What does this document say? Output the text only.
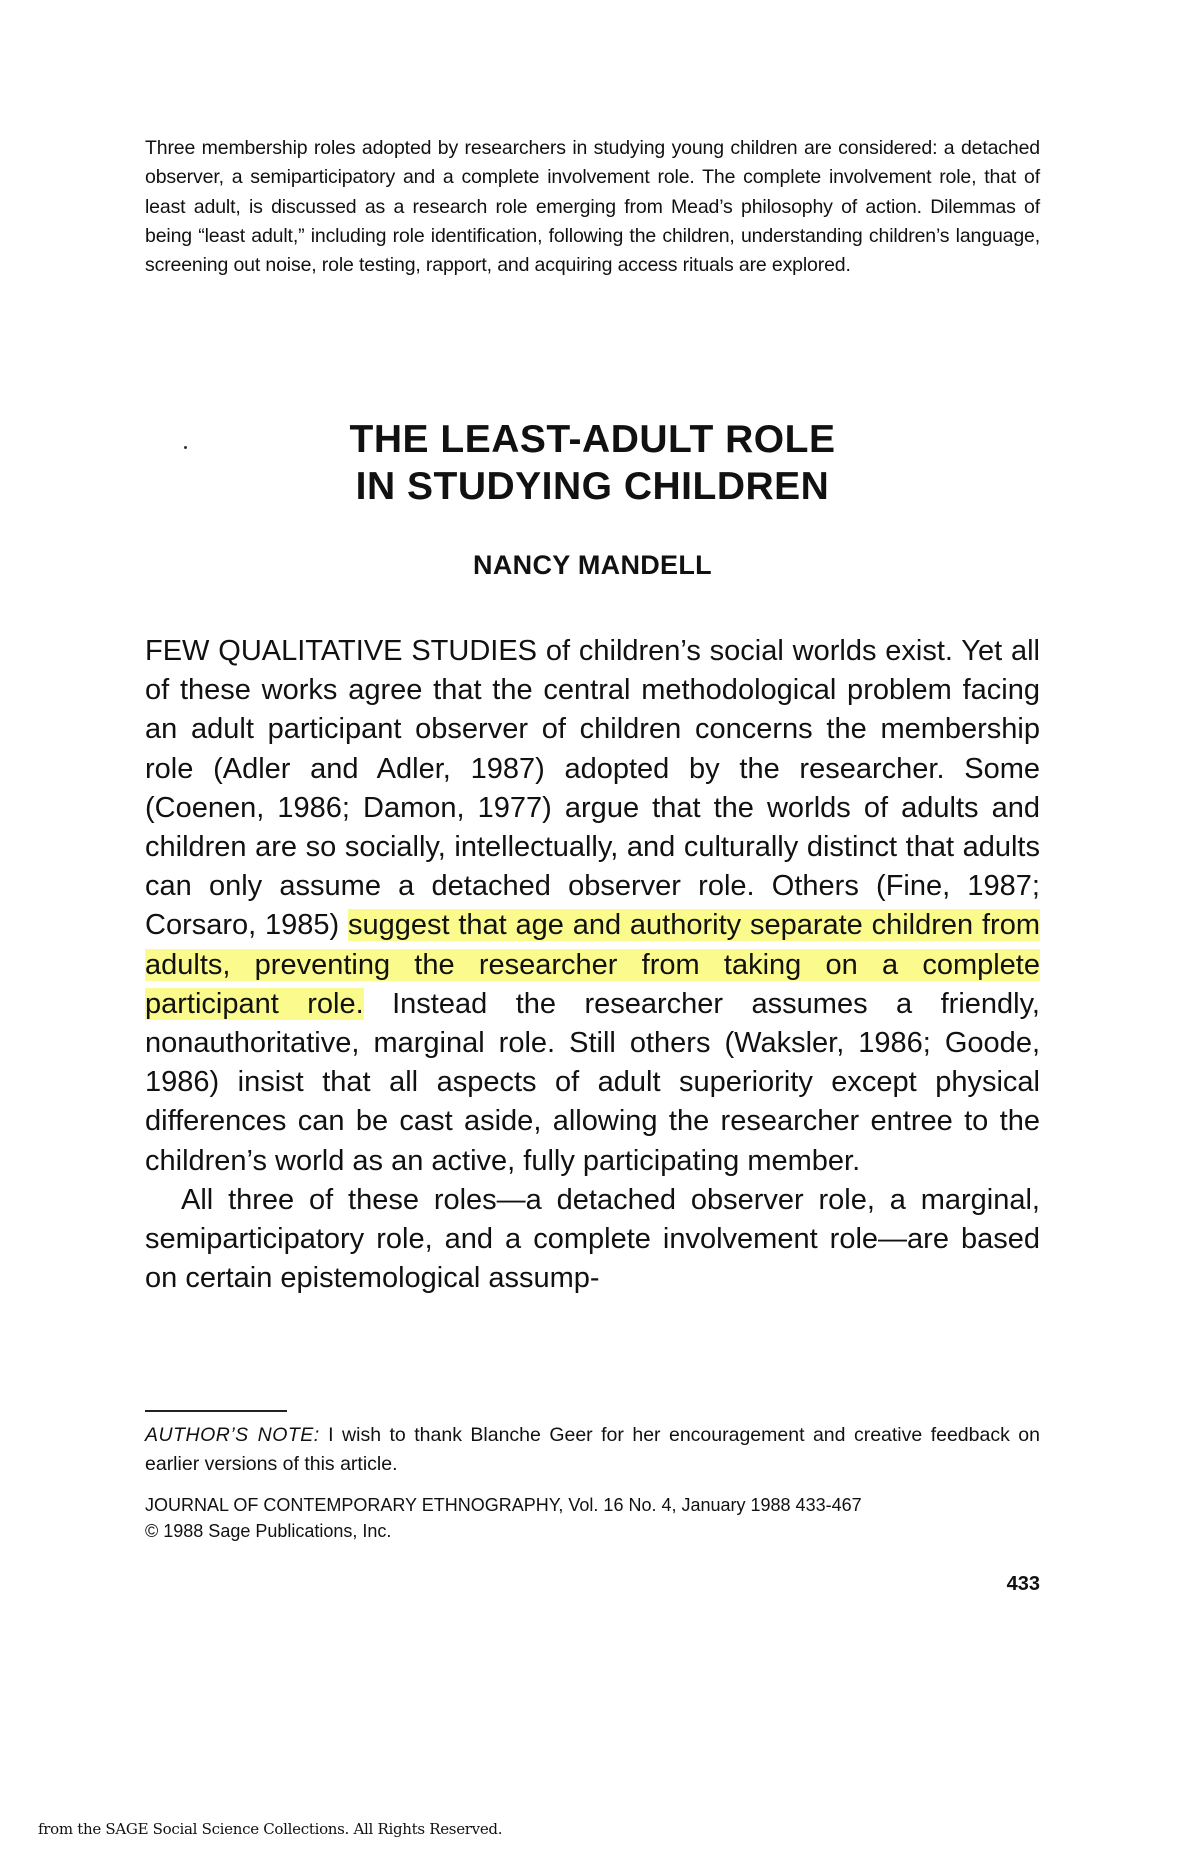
Three membership roles adopted by researchers in studying young children are considered: a detached observer, a semiparticipatory and a complete involvement role. The complete involvement role, that of least adult, is discussed as a research role emerging from Mead’s philosophy of action. Dilemmas of being “least adult,” including role identification, following the children, understanding children’s language, screening out noise, role testing, rapport, and acquiring access rituals are explored.

THE LEAST-ADULT ROLE
IN STUDYING CHILDREN

NANCY MANDELL

FEW QUALITATIVE STUDIES of children’s social worlds exist. Yet all of these works agree that the central methodological problem facing an adult participant observer of children concerns the membership role (Adler and Adler, 1987) adopted by the researcher. Some (Coenen, 1986; Damon, 1977) argue that the worlds of adults and children are so socially, intellectually, and culturally distinct that adults can only assume a detached observer role. Others (Fine, 1987; Corsaro, 1985) suggest that age and authority separate children from adults, preventing the researcher from taking on a complete participant role. Instead the researcher assumes a friendly, nonauthoritative, marginal role. Still others (Waksler, 1986; Goode, 1986) insist that all aspects of adult superiority except physical differences can be cast aside, allowing the researcher entree to the children’s world as an active, fully participating member.

All three of these roles—a detached observer role, a marginal, semiparticipatory role, and a complete involvement role—are based on certain epistemological assump-

AUTHOR’S NOTE: I wish to thank Blanche Geer for her encouragement and creative feedback on earlier versions of this article.

JOURNAL OF CONTEMPORARY ETHNOGRAPHY, Vol. 16 No. 4, January 1988 433-467
© 1988 Sage Publications, Inc.

433

from the SAGE Social Science Collections. All Rights Reserved.
